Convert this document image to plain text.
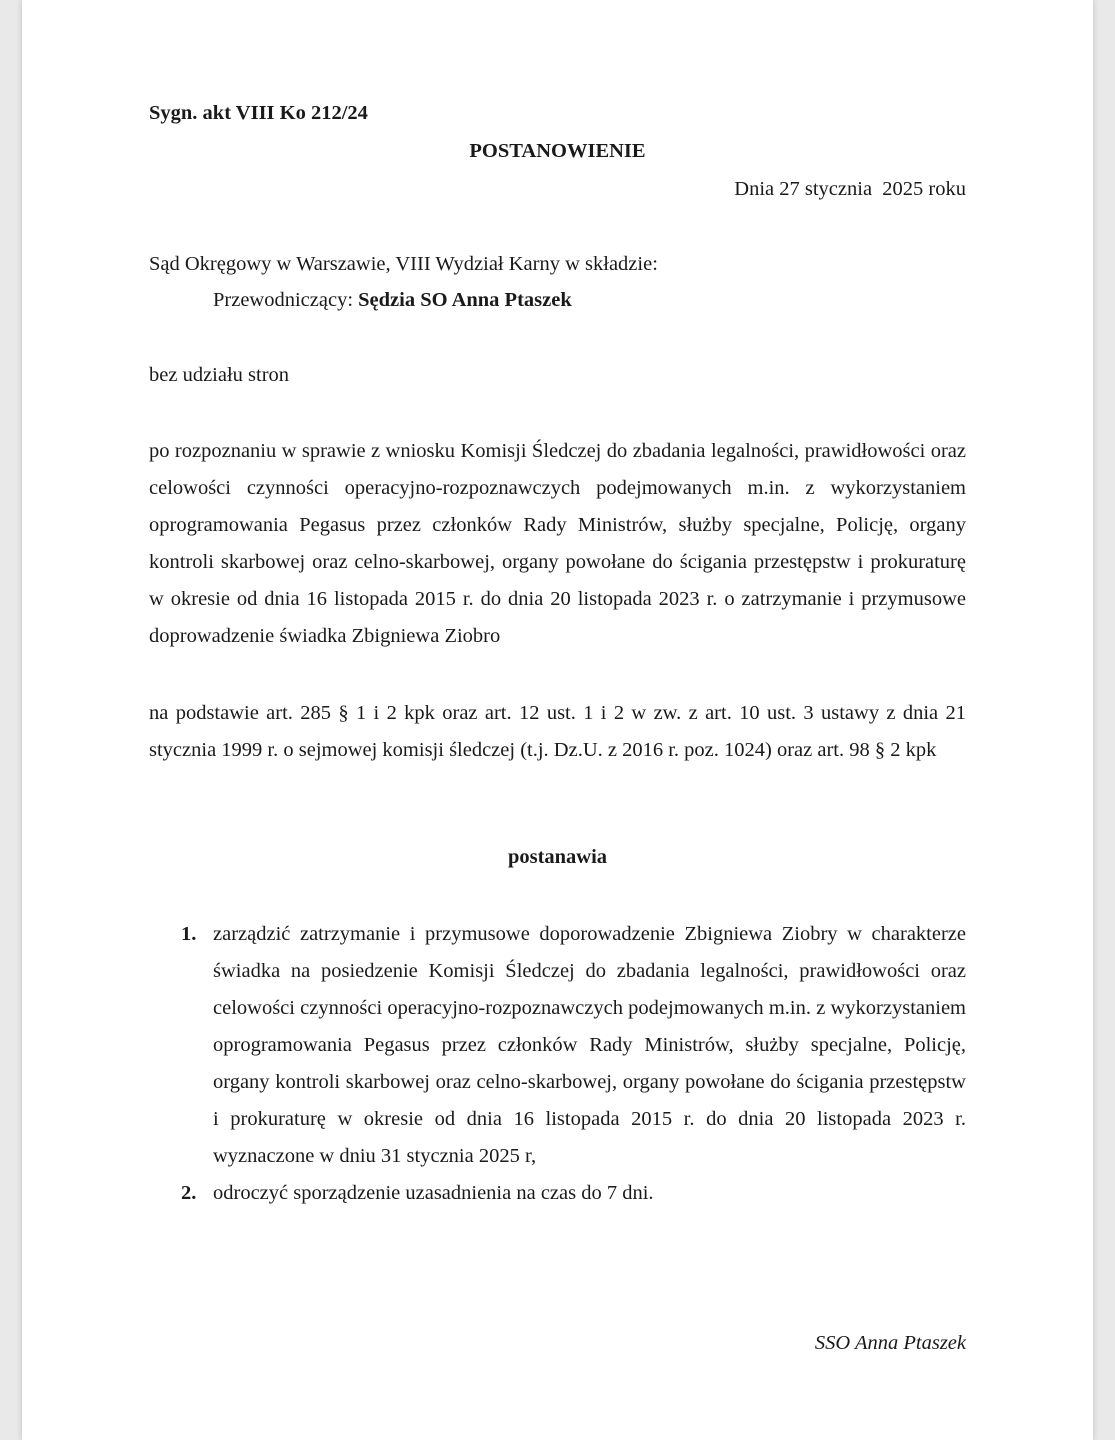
Sygn. akt VIII Ko 212/24
POSTANOWIENIE
Dnia 27 stycznia  2025 roku
Sąd Okręgowy w Warszawie, VIII Wydział Karny w składzie:
Przewodniczący: Sędzia SO Anna Ptaszek
bez udziału stron
po rozpoznaniu w sprawie z wniosku Komisji Śledczej do zbadania legalności, prawidłowości oraz celowości czynności operacyjno-rozpoznawczych podejmowanych m.in. z wykorzystaniem oprogramowania Pegasus przez członków Rady Ministrów, służby specjalne, Policję, organy kontroli skarbowej oraz celno-skarbowej, organy powołane do ścigania przestępstw i prokuraturę w okresie od dnia 16 listopada 2015 r. do dnia 20 listopada 2023 r. o zatrzymanie i przymusowe doprowadzenie świadka Zbigniewa Ziobro
na podstawie art. 285 § 1 i 2 kpk oraz art. 12 ust. 1 i 2 w zw. z art. 10 ust. 3 ustawy z dnia 21 stycznia 1999 r. o sejmowej komisji śledczej (t.j. Dz.U. z 2016 r. poz. 1024) oraz art. 98 § 2 kpk
postanawia
1. zarządzić zatrzymanie i przymusowe doporowadzenie Zbigniewa Ziobry w charakterze świadka na posiedzenie Komisji Śledczej do zbadania legalności, prawidłowości oraz celowości czynności operacyjno-rozpoznawczych podejmowanych m.in. z wykorzystaniem oprogramowania Pegasus przez członków Rady Ministrów, służby specjalne, Policję, organy kontroli skarbowej oraz celno-skarbowej, organy powołane do ścigania przestępstw i prokuraturę w okresie od dnia 16 listopada 2015 r. do dnia 20 listopada 2023 r. wyznaczone w dniu 31 stycznia 2025 r,
2. odroczyć sporządzenie uzasadnienia na czas do 7 dni.
SSO Anna Ptaszek
